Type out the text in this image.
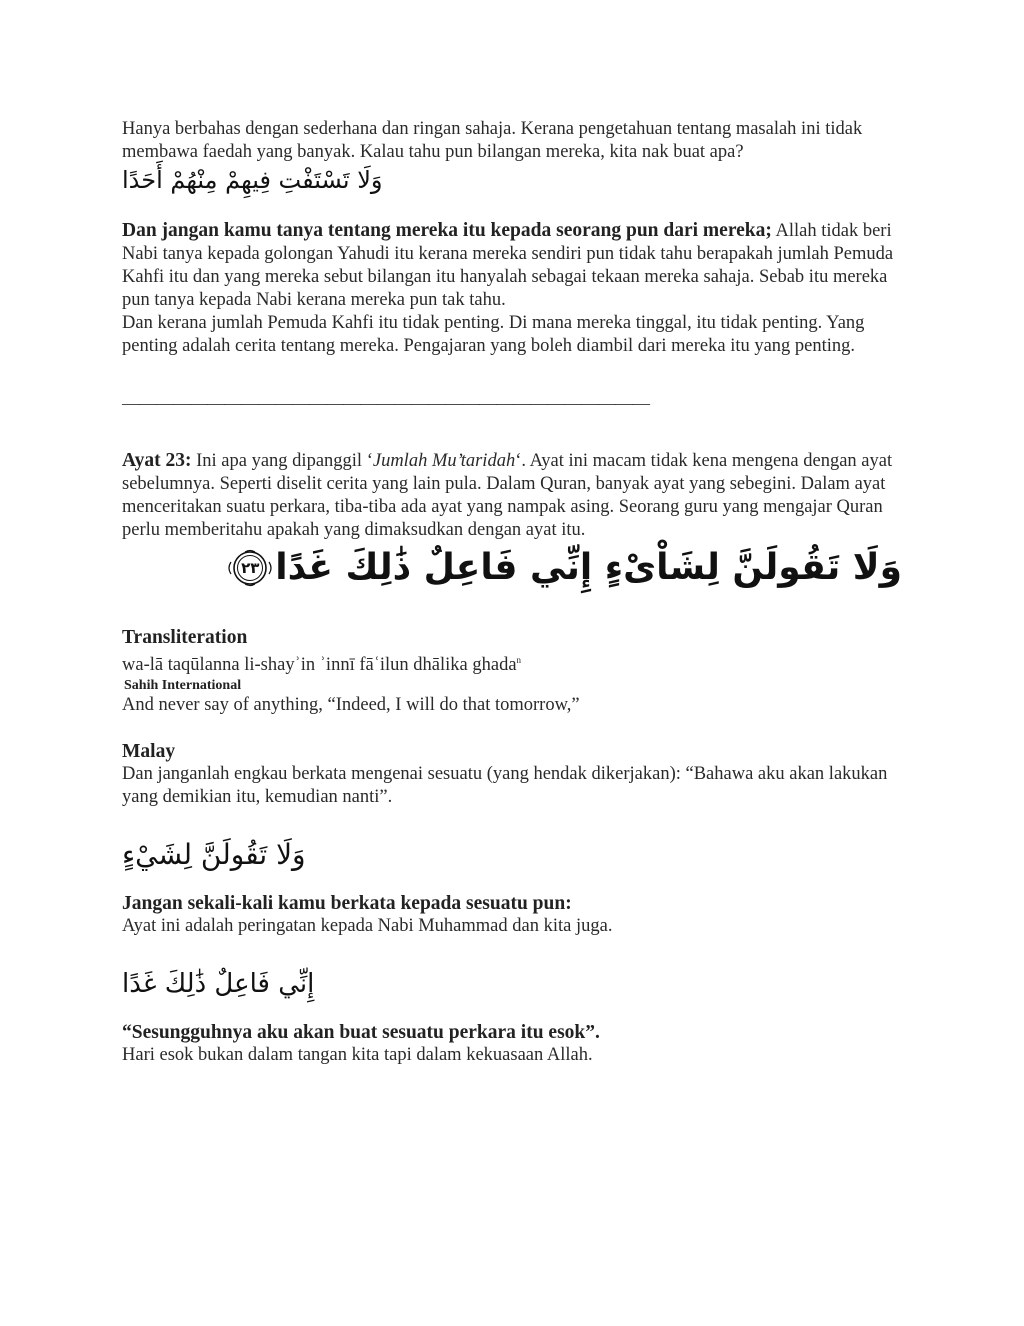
Hanya berbahas dengan sederhana dan ringan sahaja. Kerana pengetahuan tentang masalah ini tidak membawa faedah yang banyak. Kalau tahu pun bilangan mereka, kita nak buat apa?

وَلَا تَسْتَفْتِ فِيهِمْ مِنْهُمْ أَحَدًا

Dan jangan kamu tanya tentang mereka itu kepada seorang pun dari mereka; Allah tidak beri Nabi tanya kepada golongan Yahudi itu kerana mereka sendiri pun tidak tahu berapakah jumlah Pemuda Kahfi itu dan yang mereka sebut bilangan itu hanyalah sebagai tekaan mereka sahaja. Sebab itu mereka pun tanya kepada Nabi kerana mereka pun tak tahu.

Dan kerana jumlah Pemuda Kahfi itu tidak penting. Di mana mereka tinggal, itu tidak penting. Yang penting adalah cerita tentang mereka. Pengajaran yang boleh diambil dari mereka itu yang penting.

———————————————————————————————

Ayat 23: Ini apa yang dipanggil ‘Jumlah Mu’taridah‘. Ayat ini macam tidak kena mengena dengan ayat sebelumnya. Seperti diselit cerita yang lain pula. Dalam Quran, banyak ayat yang sebegini. Dalam ayat menceritakan suatu perkara, tiba-tiba ada ayat yang nampak asing. Seorang guru yang mengajar Quran perlu memberitahu apakah yang dimaksudkan dengan ayat itu.

٢٣ وَلَا تَقُولَنَّ لِشَاْىْءٍ إِنِّي فَاعِلٌ ذَٰلِكَ غَدًا
Transliteration

wa-lā taqūlanna li-shayʾin ʾinnī fāʿilun dhālika ghada$^n$

Sahih International

And never say of anything, “Indeed, I will do that tomorrow,”

Malay

Dan janganlah engkau berkata mengenai sesuatu (yang hendak dikerjakan): “Bahawa aku akan lakukan yang demikian itu, kemudian nanti”.

وَلَا تَقُولَنَّ لِشَيْءٍ
Jangan sekali-kali kamu berkata kepada sesuatu pun:

Ayat ini adalah peringatan kepada Nabi Muhammad dan kita juga.

إِنِّي فَاعِلٌ ذَٰلِكَ غَدًا
“Sesungguhnya aku akan buat sesuatu perkara itu esok”.

Hari esok bukan dalam tangan kita tapi dalam kekuasaan Allah.
